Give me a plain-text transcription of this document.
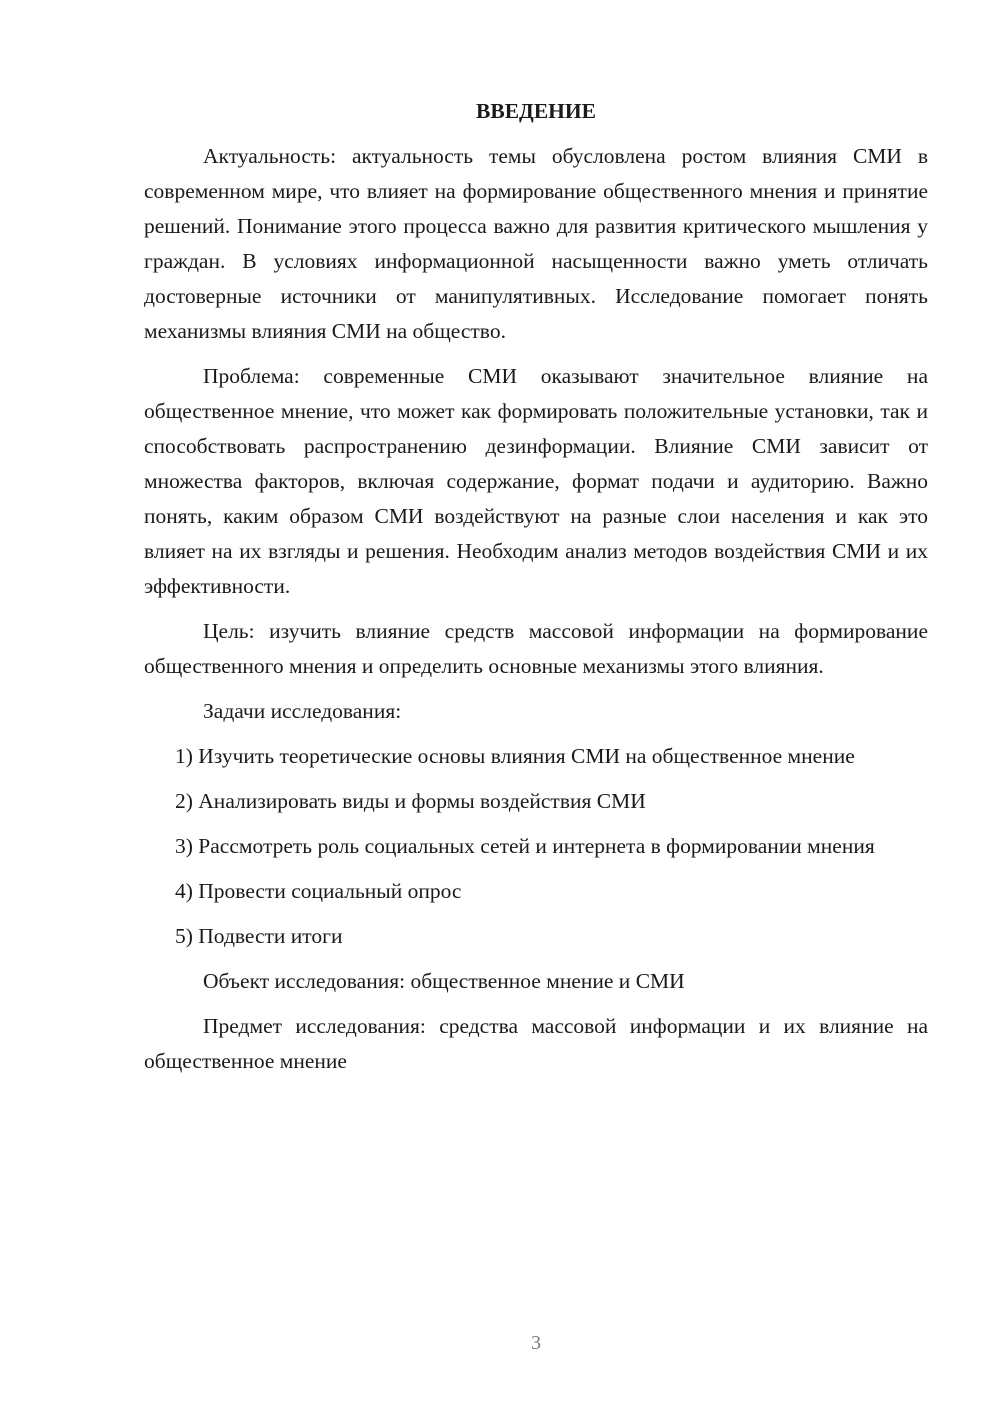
ВВЕДЕНИЕ

Актуальность: актуальность темы обусловлена ростом влияния СМИ в современном мире, что влияет на формирование общественного мнения и принятие решений. Понимание этого процесса важно для развития критического мышления у граждан. В условиях информационной насыщенности важно уметь отличать достоверные источники от манипулятивных. Исследование помогает понять механизмы влияния СМИ на общество.

Проблема: современные СМИ оказывают значительное влияние на общественное мнение, что может как формировать положительные установки, так и способствовать распространению дезинформации. Влияние СМИ зависит от множества факторов, включая содержание, формат подачи и аудиторию. Важно понять, каким образом СМИ воздействуют на разные слои населения и как это влияет на их взгляды и решения. Необходим анализ методов воздействия СМИ и их эффективности.

Цель: изучить влияние средств массовой информации на формирование общественного мнения и определить основные механизмы этого влияния.

Задачи исследования:

1) Изучить теоретические основы влияния СМИ на общественное мнение

2) Анализировать виды и формы воздействия СМИ

3) Рассмотреть роль социальных сетей и интернета в формировании мнения

4) Провести социальный опрос

5) Подвести итоги

Объект исследования: общественное мнение и СМИ

Предмет исследования: средства массовой информации и их влияние на общественное мнение

3
